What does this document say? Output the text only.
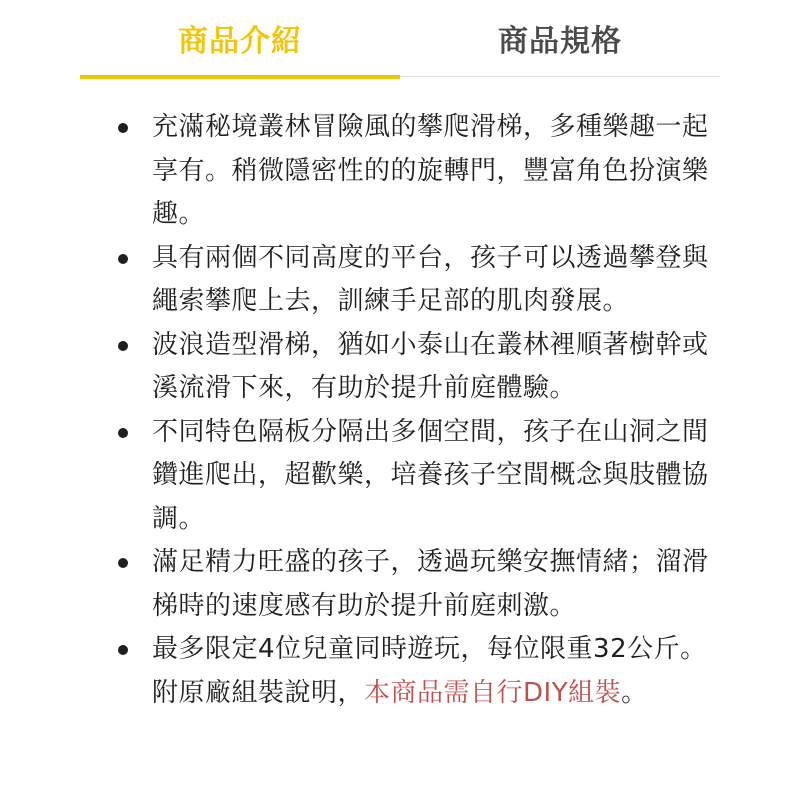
商品介紹	商品規格
充滿秘境叢林冒險風的攀爬滑梯，多種樂趣一起享有。稍微隱密性的的旋轉門，豐富角色扮演樂趣。
具有兩個不同高度的平台，孩子可以透過攀登與繩索攀爬上去，訓練手足部的肌肉發展。
波浪造型滑梯，猶如小泰山在叢林裡順著樹幹或溪流滑下來，有助於提升前庭體驗。
不同特色隔板分隔出多個空間，孩子在山洞之間鑽進爬出，超歡樂，培養孩子空間概念與肢體協調。
滿足精力旺盛的孩子，透過玩樂安撫情緒；溜滑梯時的速度感有助於提升前庭刺激。
最多限定4位兒童同時遊玩，每位限重32公斤。附原廠組裝說明，本商品需自行DIY組裝。
